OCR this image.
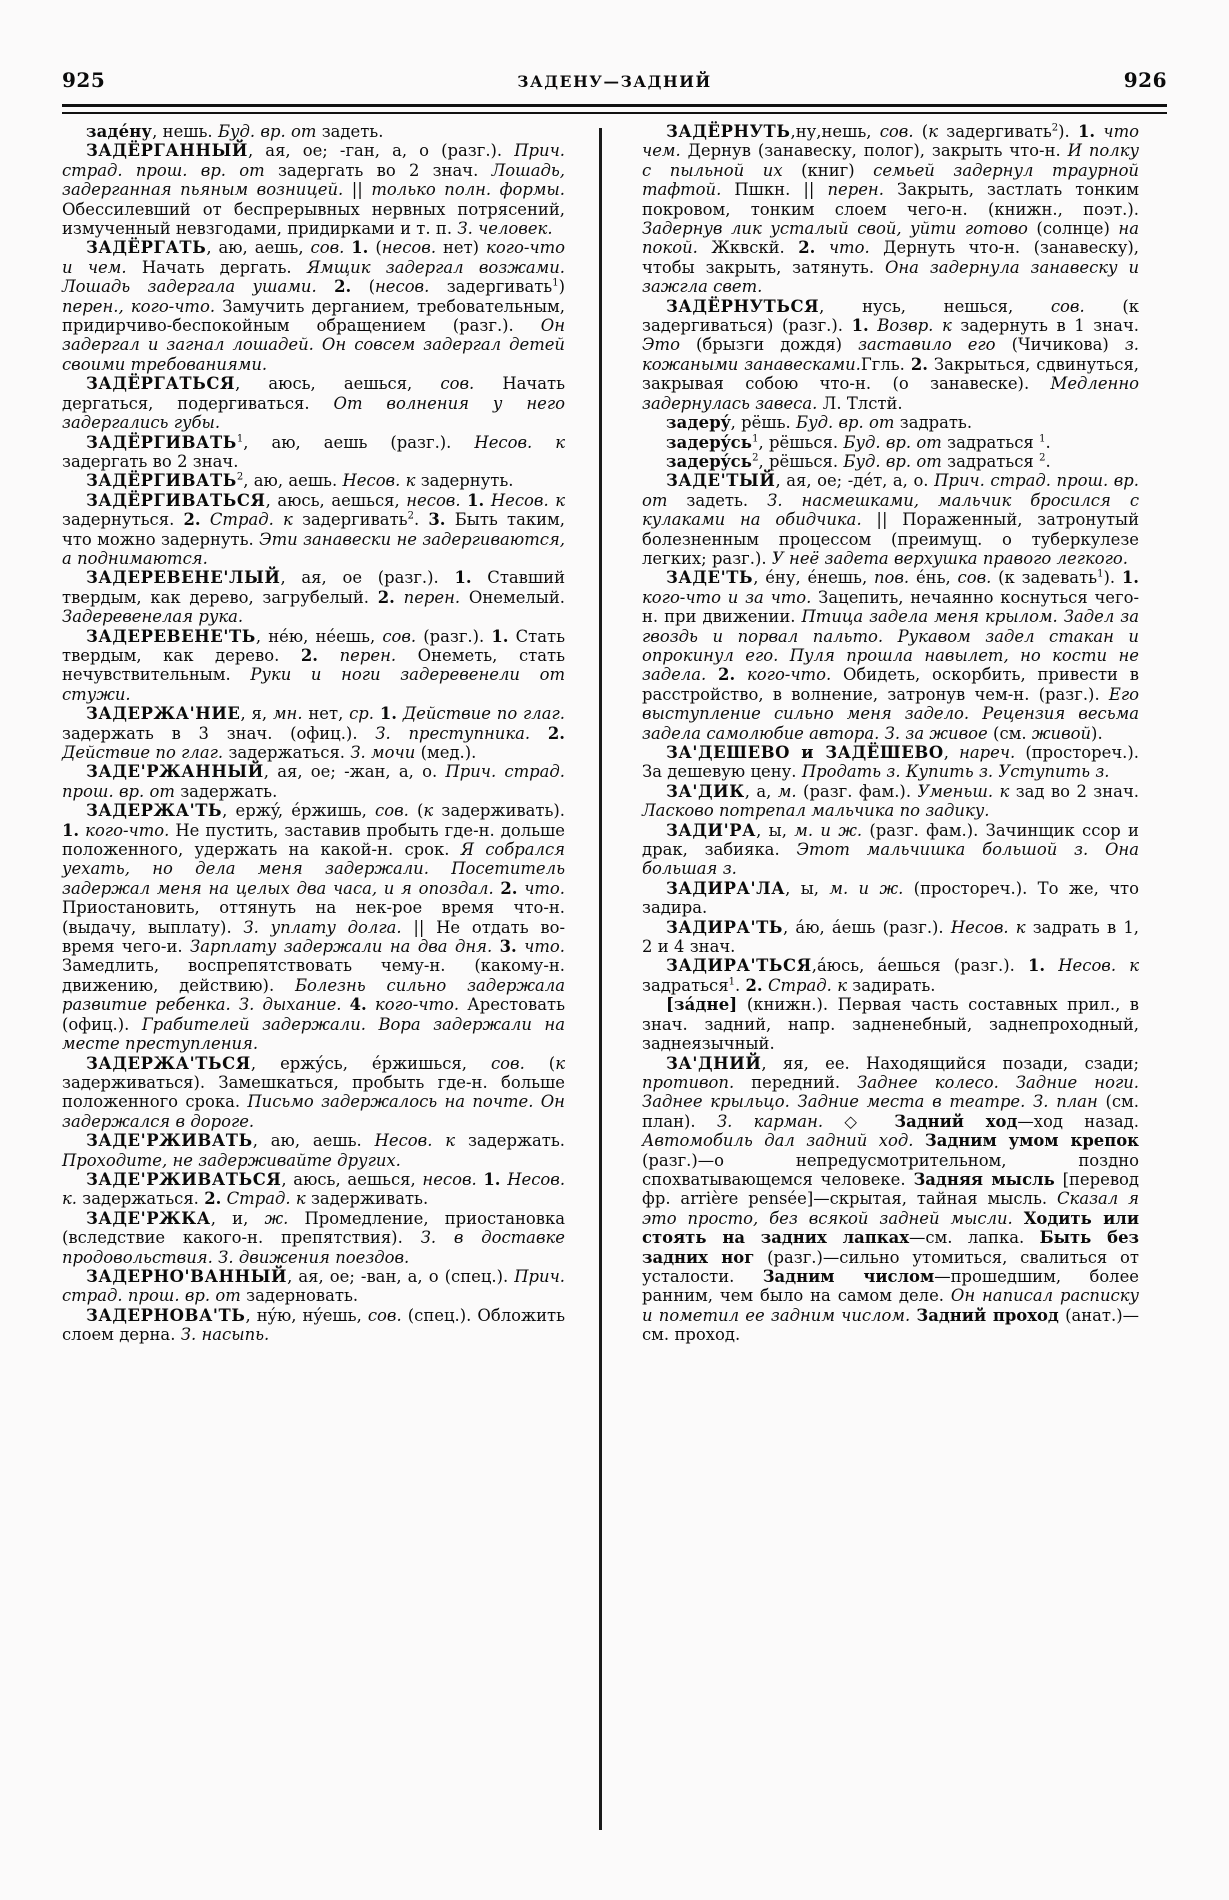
925	ЗАДЕНУ—ЗАДНИЙ	926

задéну, нешь. Буд. вр. от задеть.

ЗАДЁРГАННЫЙ, ая, ое; -ган, а, о (разг.). Прич. страд. прош. вр. от задергать во 2 знач. Лошадь, задерганная пьяным возницей. || только полн. формы. Обессилевший от беспрерывных нервных потрясений, измученный невзгодами, придирками и т. п. З. человек.

ЗАДЁРГАТЬ, аю, аешь, сов. 1. (несов. нет) кого-что и чем. Начать дергать. Ямщик задергал возжами. Лошадь задергала ушами. 2. (несов. задергивать$^1$) перен., кого-что. Замучить дерганием, требовательным, придирчиво-беспокойным обращением (разг.). Он задергал и загнал лошадей. Он совсем задергал детей своими требованиями.

ЗАДЁРГАТЬСЯ, аюсь, аешься, сов. Начать дергаться, подергиваться. От волнения у него задергались губы.

ЗАДЁРГИВАТЬ$^1$, аю, аешь (разг.). Несов. к задергать во 2 знач.

ЗАДЁРГИВАТЬ$^2$, аю, аешь. Несов. к задернуть.

ЗАДЁРГИВАТЬСЯ, аюсь, аешься, несов. 1. Несов. к задернуться. 2. Страд. к задергивать$^2$. 3. Быть таким, что можно задернуть. Эти занавески не задергиваются, а поднимаются.

ЗАДЕРЕВЕНЕ'ЛЫЙ, ая, ое (разг.). 1. Ставший твердым, как дерево, загрубелый. 2. перен. Онемелый. Задеревенелая рука.

ЗАДЕРЕВЕНЕ'ТЬ, нéю, нéешь, сов. (разг.). 1. Стать твердым, как дерево. 2. перен. Онеметь, стать нечувствительным. Руки и ноги задеревенели от стужи.

ЗАДЕРЖА'НИЕ, я, мн. нет, ср. 1. Действие по глаг. задержать в 3 знач. (офиц.). З. преступника. 2. Действие по глаг. задержаться. З. мочи (мед.).

ЗАДЕ'РЖАННЫЙ, ая, ое; -жан, а, о. Прич. страд. прош. вр. от задержать.

ЗАДЕРЖА'ТЬ, ержý, éржишь, сов. (к задерживать). 1. кого-что. Не пустить, заставив пробыть где-н. дольше положенного, удержать на какой-н. срок. Я собрался уехать, но дела меня задержали. Посетитель задержал меня на целых два часа, и я опоздал. 2. что. Приостановить, оттянуть на нек-рое время что-н. (выдачу, выплату). З. уплату долга. || Не отдать во-время чего-и. Зарплату задержали на два дня. 3. что. Замедлить, воспрепятствовать чему-н. (какому-н. движению, действию). Болезнь сильно задержала развитие ребенка. З. дыхание. 4. кого-что. Арестовать (офиц.). Грабителей задержали. Вора задержали на месте преступления.

ЗАДЕРЖА'ТЬСЯ, ержýсь, éржишься, сов. (к задерживаться). Замешкаться, пробыть где-н. больше положенного срока. Письмо задержалось на почте. Он задержался в дороге.

ЗАДЕ'РЖИВАТЬ, аю, аешь. Несов. к задержать. Проходите, не задерживайте других.

ЗАДЕ'РЖИВАТЬСЯ, аюсь, аешься, несов. 1. Несов. к. задержаться. 2. Страд. к задерживать.

ЗАДЕ'РЖКА, и, ж. Промедление, приостановка (вследствие какого-н. препятствия). З. в доставке продовольствия. З. движения поездов.

ЗАДЕРНО'ВАННЫЙ, ая, ое; -ван, а, о (спец.). Прич. страд. прош. вр. от задерновать.

ЗАДЕРНОВА'ТЬ, нýю, нýешь, сов. (спец.). Обложить слоем дерна. З. насыпь.

ЗАДЁРНУТЬ,ну,нешь, сов. (к задергивать$^2$). 1. что чем. Дернув (занавеску, полог), закрыть что-н. И полку с пыльной их (книг) семьей задернул траурной тафтой. Пшкн. || перен. Закрыть, застлать тонким покровом, тонким слоем чего-н. (книжн., поэт.). Задернув лик усталый свой, уйти готово (солнце) на покой. Жквскй. 2. что. Дернуть что-н. (занавеску), чтобы закрыть, затянуть. Она задернула занавеску и зажгла свет.

ЗАДЁРНУТЬСЯ, нусь, нешься, сов. (к задергиваться) (разг.). 1. Возвр. к задернуть в 1 знач. Это (брызги дождя) заставило его (Чичикова) з. кожаными занавесками.Ггль. 2. Закрыться, сдвинуться, закрывая собою что-н. (о занавеске). Медленно задернулась завеса. Л. Тлстй.

задерý, рёшь. Буд. вр. от задрать.

задерýсь$^1$, рёшься. Буд. вр. от задраться $^1$.

задерýсь$^2$, рёшься. Буд. вр. от задраться $^2$.

ЗАДЕ'ТЫЙ, ая, ое; -дéт, а, о. Прич. страд. прош. вр. от задеть. З. насмешками, мальчик бросился с кулаками на обидчика. || Пораженный, затронутый болезненным процессом (преимущ. о туберкулезе легких; разг.). У неё задета верхушка правого легкого.

ЗАДЕ'ТЬ, éну, éнешь, пов. éнь, сов. (к задевать$^1$). 1. кого-что и за что. Зацепить, нечаянно коснуться чего-н. при движении. Птица задела меня крылом. Задел за гвоздь и порвал пальто. Рукавом задел стакан и опрокинул его. Пуля прошла навылет, но кости не задела. 2. кого-что. Обидеть, оскорбить, привести в расстройство, в волнение, затронув чем-н. (разг.). Его выступление сильно меня задело. Рецензия весьма задела самолюбие автора. З. за живое (см. живой).

ЗА'ДЕШЕВО и ЗАДЁШЕВО, нареч. (простореч.). За дешевую цену. Продать з. Купить з. Уступить з.

ЗА'ДИК, а, м. (разг. фам.). Уменьш. к зад во 2 знач. Ласково потрепал мальчика по задику.

ЗАДИ'РА, ы, м. и ж. (разг. фам.). Зачинщик ссор и драк, забияка. Этот мальчишка большой з. Она большая з.

ЗАДИРА'ЛА, ы, м. и ж. (простореч.). То же, что задира.

ЗАДИРА'ТЬ, áю, áешь (разг.). Несов. к задрать в 1, 2 и 4 знач.

ЗАДИРА'ТЬСЯ,áюсь, áешься (разг.). 1. Несов. к задраться$^1$. 2. Страд. к задирать.

[зáдне] (книжн.). Первая часть составных прил., в знач. задний, напр. задненебный, заднепроходный, заднеязычный.

ЗА'ДНИЙ, яя, ее. Находящийся позади, сзади; противоп. передний. Заднее колесо. Задние ноги. Заднее крыльцо. Задние места в театре. З. план (см. план). З. карман. ◇ Задний ход—ход назад. Автомобиль дал задний ход. Задним умом крепок (разг.)—о непредусмотрительном, поздно спохватывающемся человеке. Задняя мысль [перевод фр. arrière pensée]—скрытая, тайная мысль. Сказал я это просто, без всякой задней мысли. Ходить или стоять на задних лапках—см. лапка. Быть без задних ног (разг.)—сильно утомиться, свалиться от усталости. Задним числом—прошедшим, более ранним, чем было на самом деле. Он написал расписку и пометил ее задним числом. Задний проход (анат.)—см. проход.
